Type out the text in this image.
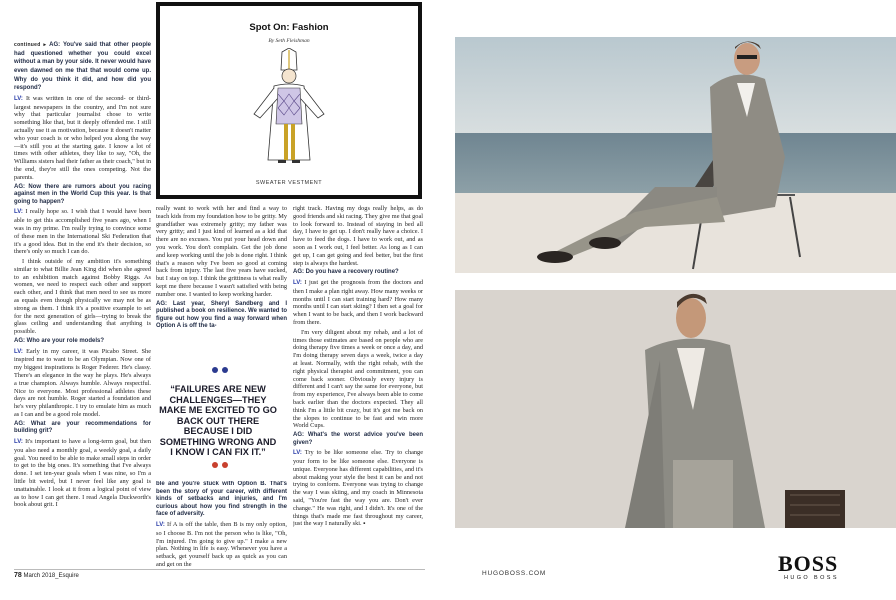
continued ▸ AG: You've said that other people had questioned whether you could excel without a man by your side. It never would have even dawned on me that that would come up. Why do you think it did, and how did you respond?

LV: It was written in one of the second- or third-largest newspapers in the country, and I'm not sure why that particular journalist chose to write something like that, but it deeply offended me. I still actually use it as motivation, because it doesn't matter who your coach is or who helped you along the way—it's still you at the starting gate. I know a lot of times with other athletes, they like to say, "Oh, the Williams sisters had their father as their coach," but in the end, they're still the ones competing. Not the parents.

AG: Now there are rumors about you racing against men in the World Cup this year. Is that going to happen?

LV: I really hope so. I wish that I would have been able to get this accomplished five years ago, when I was in my prime. I'm really trying to convince some of these men in the International Ski Federation that it's a good idea. But in the end it's their decision, so there's only so much I can do.

I think outside of my ambition it's something similar to what Billie Jean King did when she agreed to an exhibition match against Bobby Riggs. As women, we need to respect each other and support each other, and I think that men need to see us more as equals even though physically we may not be as strong as them. I think it's a positive example to set for the next generation of girls—trying to break the glass ceiling and understanding that anything is possible.

AG: Who are your role models?

LV: Early in my career, it was Picabo Street. She inspired me to want to be an Olympian. Now one of my biggest inspirations is Roger Federer. He's classy. There's an elegance in the way he plays. He's always a true champion. Always humble. Always respectful. Nice to everyone. Most professional athletes these days are not humble. Roger started a foundation and he's very philanthropic. I try to emulate him as much as I can and be a good role model.

AG: What are your recommendations for building grit?

LV: It's important to have a long-term goal, but then you also need a monthly goal, a weekly goal, a daily goal. You need to be able to make small steps in order to get to the big ones. It's something that I've always done. I set ten-year goals when I was nine, so I'm a little bit weird, but I never feel like any goal is unattainable. I look at it from a logical point of view as to how I can get there. I read Angela Duckworth's book about grit. I

Spot On: Fashion
By Seth Fleishman
SWEATER VESTMENT

really want to work with her and find a way to teach kids from my foundation how to be gritty. My grandfather was extremely gritty; my father was very gritty; and I just kind of learned as a kid that there are no excuses. You put your head down and you work. You don't complain. Get the job done and keep working until the job is done right. I think that's a reason why I've been so good at coming back from injury. The last five years have sucked, but I stay on top. I think the grittiness is what really kept me there because I wasn't satisfied with being number one. I wanted to keep working harder.

AG: Last year, Sheryl Sandberg and I published a book on resilience. We wanted to figure out how you find a way forward when Option A is off the ta-

“FAILURES ARE NEW CHALLENGES—THEY MAKE ME EXCITED TO GO BACK OUT THERE BECAUSE I DID SOMETHING WRONG AND I KNOW I CAN FIX IT.”

ble and you're stuck with Option B. That's been the story of your career, with different kinds of setbacks and injuries, and I'm curious about how you find strength in the face of adversity.

LV: If A is off the table, then B is my only option, so I choose B. I'm not the person who is like, "Oh, I'm injured. I'm going to give up." I make a new plan. Nothing in life is easy. Whenever you have a setback, get yourself back up as quick as you can and get on the

right track. Having my dogs really helps, as do good friends and ski racing. They give me that goal to look forward to. Instead of staying in bed all day, I have to get up. I don't really have a choice. I have to feed the dogs. I have to work out, and as soon as I work out, I feel better. As long as I can get up, I can get going and feel better, but the first step is always the hardest.

AG: Do you have a recovery routine?

LV: I just get the prognosis from the doctors and then I make a plan right away. How many weeks or months until I can start training hard? How many months until I can start skiing? I then set a goal for when I want to be back, and then I work backward from there.

I'm very diligent about my rehab, and a lot of times those estimates are based on people who are doing therapy five times a week or once a day, and I'm doing therapy seven days a week, twice a day at least. Normally, with the right rehab, with the right physical therapist and commitment, you can come back sooner. Obviously every injury is different and I can't say the same for everyone, but from my experience, I've always been able to come back earlier than the doctors expected. They all think I'm a little bit crazy, but it's got me back on the slopes to continue to be fast and win more World Cups.

AG: What's the worst advice you've been given?

LV: Try to be like someone else. Try to change your form to be like someone else. Everyone is unique. Everyone has different capabilities, and it's about making your style the best it can be and not trying to conform. Everyone was trying to change the way I was skiing, and my coach in Minnesota said, "You're fast the way you are. Don't ever change." He was right, and I didn't. It's one of the things that's made me fast throughout my career, just the way I naturally ski. ▪

78 March 2018_Esquire	HUGOBOSS.COM	BOSS
HUGO BOSS
